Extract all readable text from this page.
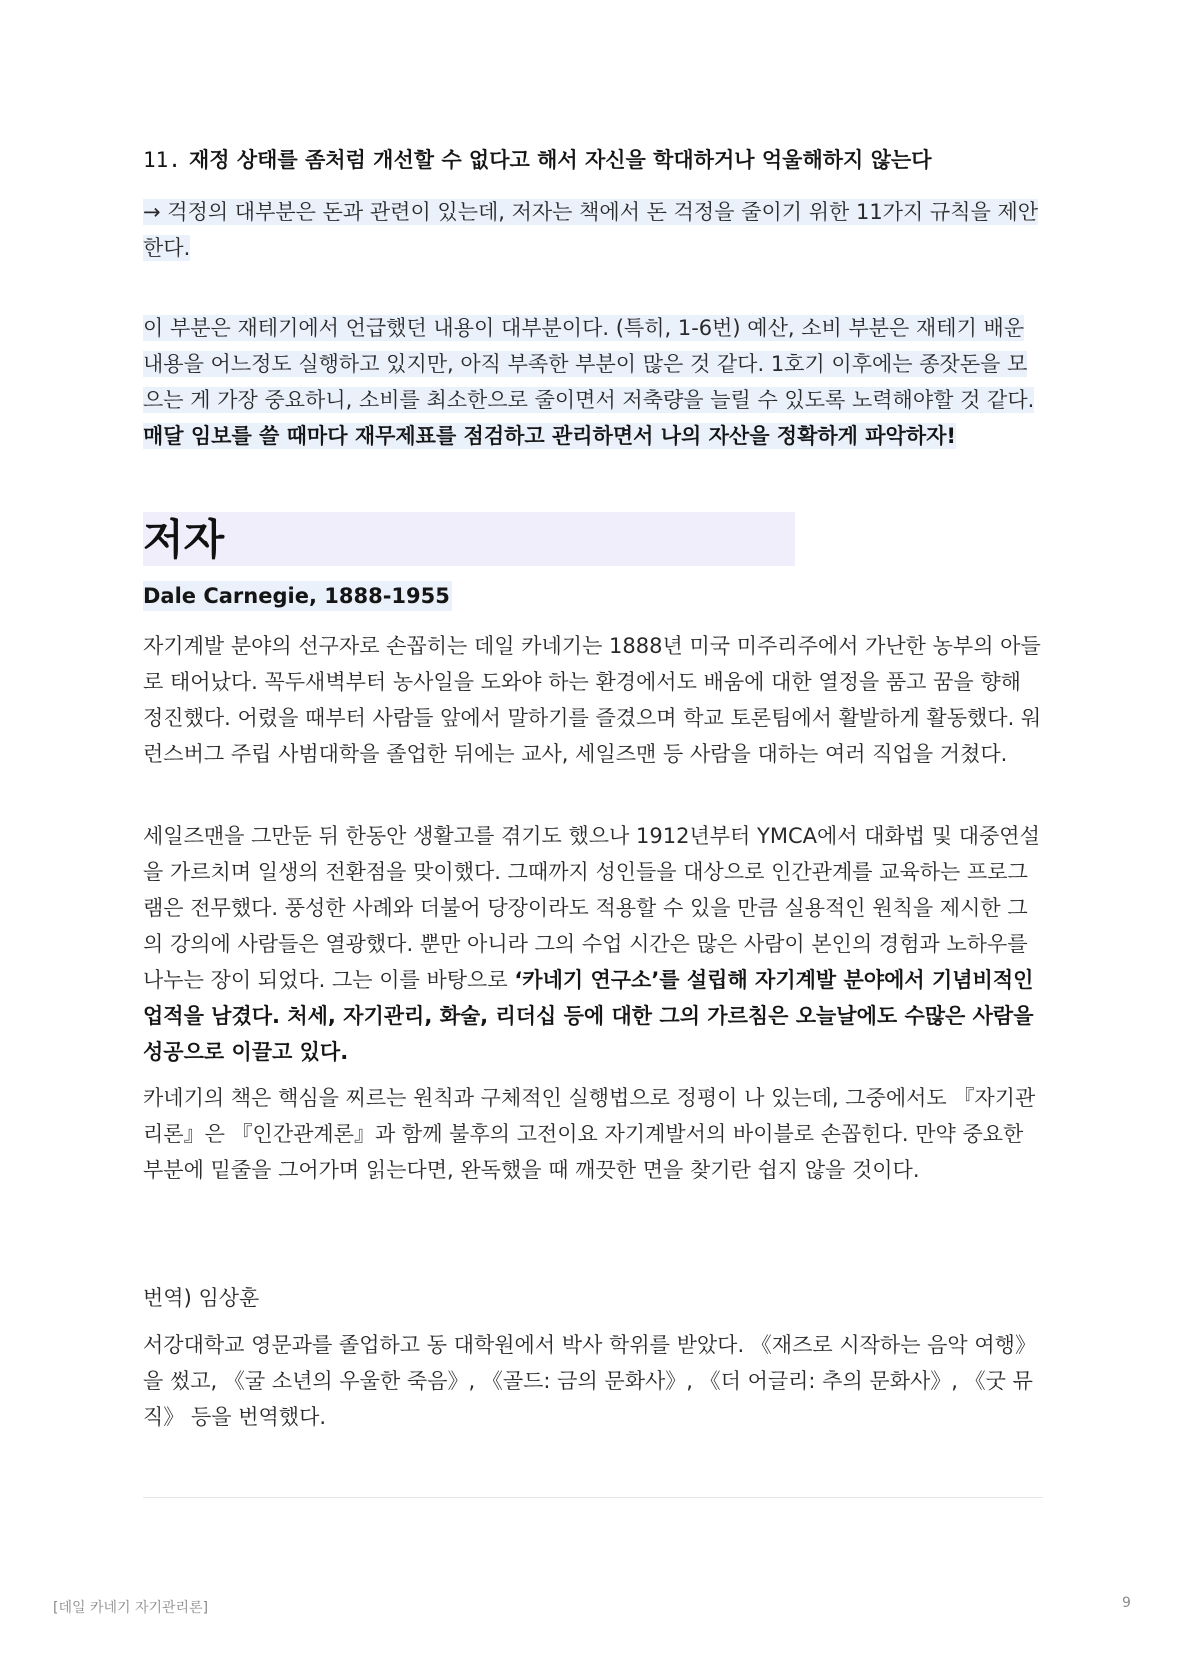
11. 재정 상태를 좀처럼 개선할 수 없다고 해서 자신을 학대하거나 억울해하지 않는다

→ 걱정의 대부분은 돈과 관련이 있는데, 저자는 책에서 돈 걱정을 줄이기 위한 11가지 규칙을 제안한다.

이 부분은 재테기에서 언급했던 내용이 대부분이다. (특히, 1-6번) 예산, 소비 부분은 재테기 배운 내용을 어느정도 실행하고 있지만, 아직 부족한 부분이 많은 것 같다. 1호기 이후에는 종잣돈을 모으는 게 가장 중요하니, 소비를 최소한으로 줄이면서 저축량을 늘릴 수 있도록 노력해야할 것 같다. 매달 임보를 쓸 때마다 재무제표를 점검하고 관리하면서 나의 자산을 정확하게 파악하자!

저자
Dale Carnegie, 1888-1955

자기계발 분야의 선구자로 손꼽히는 데일 카네기는 1888년 미국 미주리주에서 가난한 농부의 아들로 태어났다. 꼭두새벽부터 농사일을 도와야 하는 환경에서도 배움에 대한 열정을 품고 꿈을 향해 정진했다. 어렸을 때부터 사람들 앞에서 말하기를 즐겼으며 학교 토론팀에서 활발하게 활동했다. 워런스버그 주립 사범대학을 졸업한 뒤에는 교사, 세일즈맨 등 사람을 대하는 여러 직업을 거쳤다.

세일즈맨을 그만둔 뒤 한동안 생활고를 겪기도 했으나 1912년부터 YMCA에서 대화법 및 대중연설을 가르치며 일생의 전환점을 맞이했다. 그때까지 성인들을 대상으로 인간관계를 교육하는 프로그램은 전무했다. 풍성한 사례와 더불어 당장이라도 적용할 수 있을 만큼 실용적인 원칙을 제시한 그의 강의에 사람들은 열광했다. 뿐만 아니라 그의 수업 시간은 많은 사람이 본인의 경험과 노하우를 나누는 장이 되었다. 그는 이를 바탕으로 ‘카네기 연구소’를 설립해 자기계발 분야에서 기념비적인 업적을 남겼다. 처세, 자기관리, 화술, 리더십 등에 대한 그의 가르침은 오늘날에도 수많은 사람을 성공으로 이끌고 있다.

카네기의 책은 핵심을 찌르는 원칙과 구체적인 실행법으로 정평이 나 있는데, 그중에서도 『자기관리론』은 『인간관계론』과 함께 불후의 고전이요 자기계발서의 바이블로 손꼽힌다. 만약 중요한 부분에 밑줄을 그어가며 읽는다면, 완독했을 때 깨끗한 면을 찾기란 쉽지 않을 것이다.

번역) 임상훈

서강대학교 영문과를 졸업하고 동 대학원에서 박사 학위를 받았다. 《재즈로 시작하는 음악 여행》을 썼고, 《굴 소년의 우울한 죽음》, 《골드: 금의 문화사》, 《더 어글리: 추의 문화사》, 《굿 뮤직》 등을 번역했다.

[데일 카네기 자기관리론]	9
